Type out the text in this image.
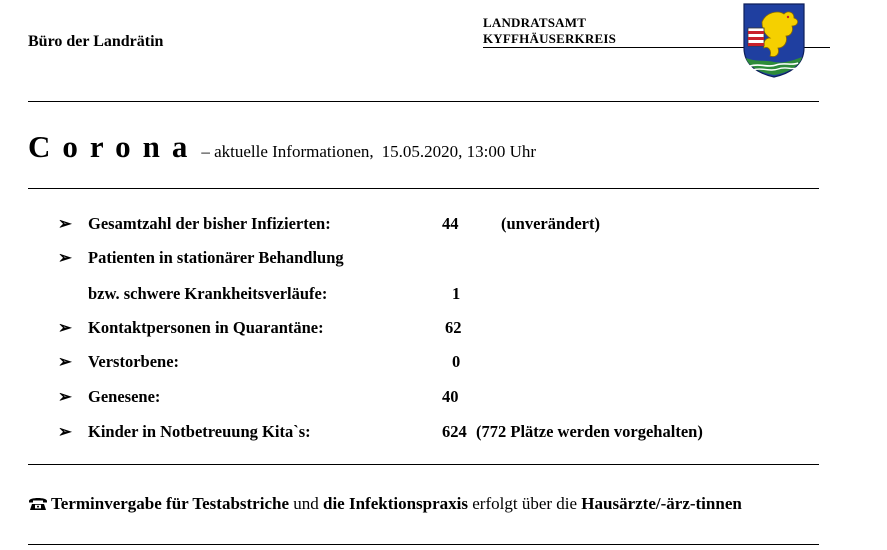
Büro der Landrätin
LANDRATSAMT
KYFFHÄUSERKREIS
Corona – aktuelle Informationen, 15.05.2020, 13:00 Uhr
➢ Gesamtzahl der bisher Infizierten:	44	(unverändert)
➢ Patienten in stationärer Behandlung
bzw. schwere Krankheitsverläufe:	1
➢ Kontaktpersonen in Quarantäne:	62
➢ Verstorbene:	0
➢ Genesene:	40
➢ Kinder in Notbetreuung Kita`s:	624 (772 Plätze werden vorgehalten)
Terminvergabe für Testabstriche und die Infektionspraxis erfolgt über die Hausärzte/-ärz-tinnen
